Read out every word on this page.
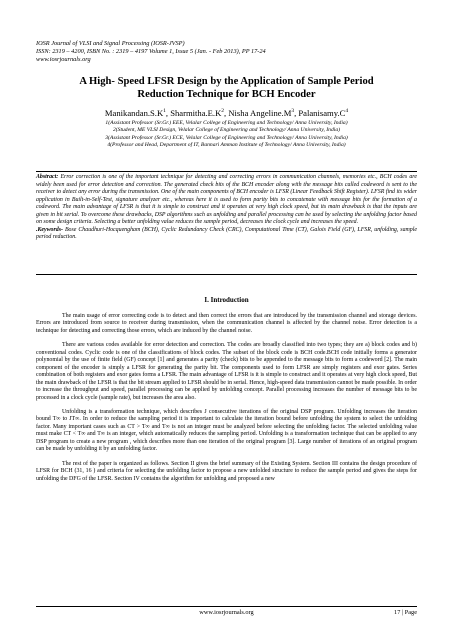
IOSR Journal of VLSI and Signal Processing (IOSR-JVSP)
ISSN: 2319 – 4200, ISBN No. : 2319 – 4197 Volume 1, Issue 5 (Jan. - Feb 2013), PP 17-24
www.iosrjournals.org
A High- Speed LFSR Design by the Application of Sample Period
Reduction Technique for BCH Encoder
$Manikandan.S.K^1$, $Sharmitha.E.K^2$, Nisha $Angeline.M^3$, $Palanisamy.C^4$
1(Assistant Professor (Sr.Gr.) EEE, Velalar College of Engineering and Technology/ Anna University, India)
2(Student, ME VLSI Design, Velalar College of Engineering and Technology/ Anna University, India)
3(Assistant Professor (Sr.Gr.) ECE, Velalar College of Engineering and Technology/ Anna University, India)
4(Professor and Head, Department of IT, Bannari Amman Institute of Technology/ Anna University, India)
Abstract: Error correction is one of the important technique for detecting and correcting errors in communication channels, memories etc., BCH codes are widely been used for error detection and correction. The generated check bits of the BCH encoder along with the message bits called codeword is sent to the receiver to detect any error during the transmission. One of the main components of BCH encoder is LFSR (Linear Feedback Shift Register). LFSR find its wider application in Built-in-Self-Test, signature analyzer etc., whereas here it is used to form parity bits to concatenate with message bits for the formation of a codeword. The main advantage of LFSR is that it is simple to construct and it operates at very high clock speed, but its main drawback is that the inputs are given in bit serial. To overcome these drawbacks, DSP algorithms such as unfolding and parallel processing can be used by selecting the unfolding factor based on some design criteria. Selecting a better unfolding value reduces the sample period, decreases the clock cycle and increases the speed.
.Keywords- Bose Chaudhuri-Hocquengham (BCH), Cyclic Redundancy Check (CRC), Computational Time (CT), Galois Field (GF), LFSR, unfolding, sample period reduction.
I. Introduction

The main usage of error correcting code is to detect and then correct the errors that are introduced by the transmission channel and storage devices. Errors are introduced from source to receiver during transmission, when the communication channel is affected by the channel noise. Error detection is a technique for detecting and correcting those errors, which are induced by the channel noise.

There are various codes available for error detection and correction. The codes are broadly classified into two types; they are a) block codes and b) conventional codes. Cyclic code is one of the classifications of block codes. The subset of the block code is BCH code.BCH code initially forms a generator polynomial by the use of finite field (GF) concept [1] and generates a parity (check) bits to be appended to the message bits to form a codeword [2]. The main component of the encoder is simply a LFSR for generating the parity bit. The components used to form LFSR are simply registers and exor gates. Series combination of both registers and exor gates forms a LFSR. The main advantage of LFSR is it is simple to construct and it operates at very high clock speed, But the main drawback of the LFSR is that the bit stream applied to LFSR should be in serial. Hence, high-speed data transmission cannot be made possible. In order to increase the throughput and speed, parallel processing can be applied by unfolding concept. Parallel processing increases the number of message bits to be processed in a clock cycle (sample rate), but increases the area also.

Unfolding is a transformation technique, which describes J consecutive iterations of the original DSP program. Unfolding increases the iteration bound T∞ to JT∞. In order to reduce the sampling period it is important to calculate the iteration bound before unfolding the system to select the unfolding factor. Many important cases such as CT > T∞ and T∞ is not an integer must be analyzed before selecting the unfolding factor. The selected unfolding value must make CT < T∞ and T∞ is an integer, which automatically reduces the sampling period. Unfolding is a transformation technique that can be applied to any DSP program to create a new program , which describes more than one iteration of the original program [3]. Large number of iterations of an original program can be made by unfolding it by an unfolding factor.

The rest of the paper is organized as follows. Section II gives the brief summary of the Existing System. Section III contains the design procedure of LFSR for BCH (31, 16 ) and criteria for selecting the unfolding factor to propose a new unfolded structure to reduce the sample period and gives the steps for unfolding the DFG of the LFSR. Section IV contains the algorithm for unfolding and proposed a new

www.iosrjournals.org	17 | Page
